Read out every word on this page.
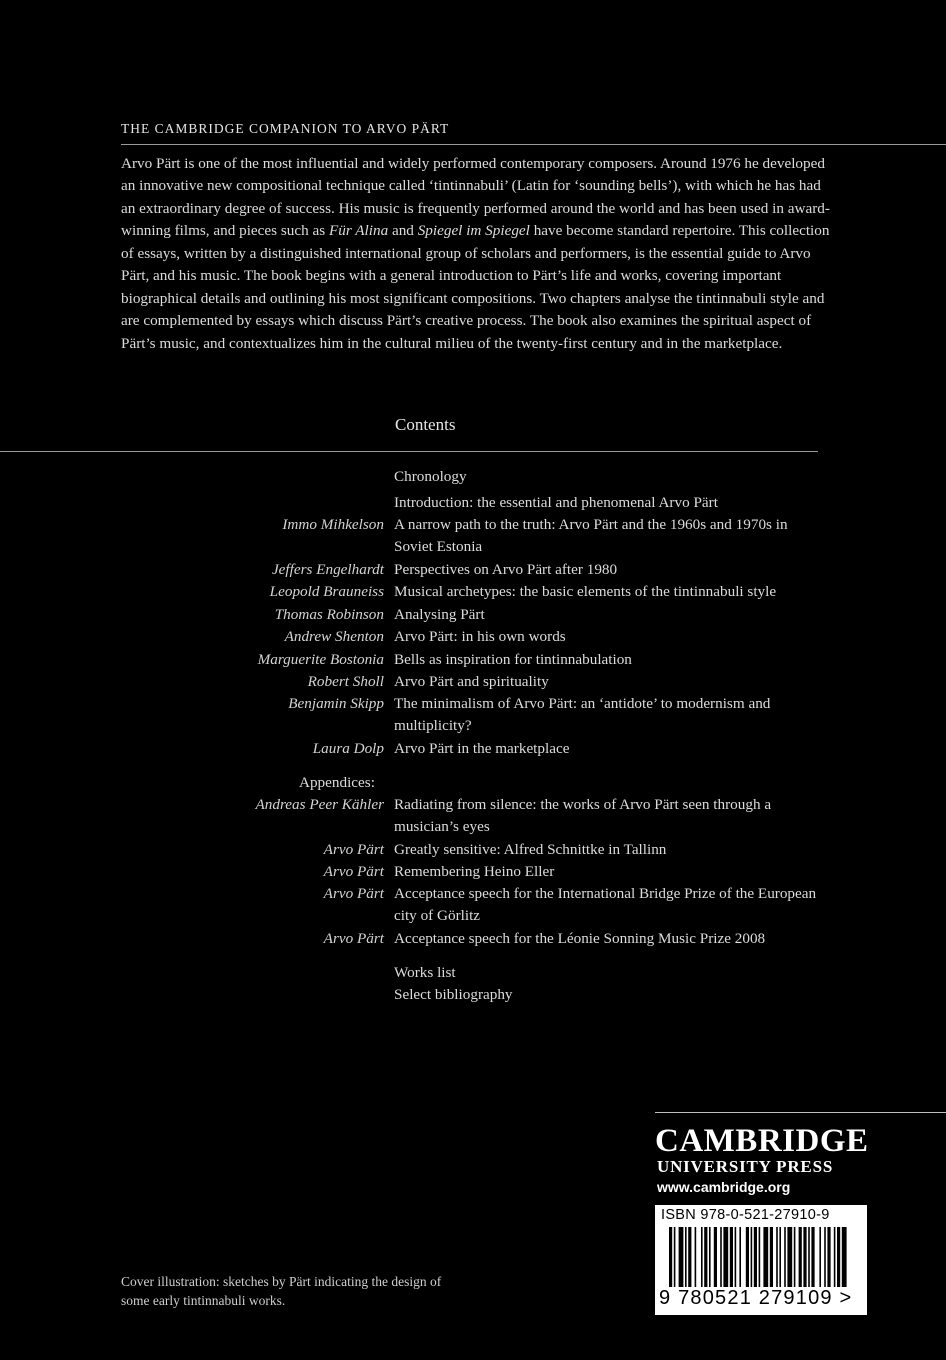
THE CAMBRIDGE COMPANION TO ARVO PÄRT

Arvo Pärt is one of the most influential and widely performed contemporary composers. Around 1976 he developed an innovative new compositional technique called ‘tintinnabuli’ (Latin for ‘sounding bells’), with which he has had an extraordinary degree of success. His music is frequently performed around the world and has been used in award-winning films, and pieces such as Für Alina and Spiegel im Spiegel have become standard repertoire. This collection of essays, written by a distinguished international group of scholars and performers, is the essential guide to Arvo Pärt, and his music. The book begins with a general introduction to Pärt’s life and works, covering important biographical details and outlining his most significant compositions. Two chapters analyse the tintinnabuli style and are complemented by essays which discuss Pärt’s creative process. The book also examines the spiritual aspect of Pärt’s music, and contextualizes him in the cultural milieu of the twenty-first century and in the marketplace.

Contents
Chronology
Introduction: the essential and phenomenal Arvo Pärt
Immo Mihkelson A narrow path to the truth: Arvo Pärt and the 1960s and 1970s in Soviet Estonia
Jeffers Engelhardt Perspectives on Arvo Pärt after 1980
Leopold Brauneiss Musical archetypes: the basic elements of the tintinnabuli style
Thomas Robinson Analysing Pärt
Andrew Shenton Arvo Pärt: in his own words
Marguerite Bostonia Bells as inspiration for tintinnabulation
Robert Sholl Arvo Pärt and spirituality
Benjamin Skipp The minimalism of Arvo Pärt: an ‘antidote’ to modernism and multiplicity?
Laura Dolp Arvo Pärt in the marketplace
Appendices:
Andreas Peer Kähler Radiating from silence: the works of Arvo Pärt seen through a musician’s eyes
Arvo Pärt Greatly sensitive: Alfred Schnittke in Tallinn
Arvo Pärt Remembering Heino Eller
Arvo Pärt Acceptance speech for the International Bridge Prize of the European city of Görlitz
Arvo Pärt Acceptance speech for the Léonie Sonning Music Prize 2008
Works list
Select bibliography
Cover illustration: sketches by Pärt indicating the design of some early tintinnabuli works.
CAMBRIDGE
UNIVERSITY PRESS
www.cambridge.org
ISBN 978-0-521-27910-9
9 780521 279109 >
